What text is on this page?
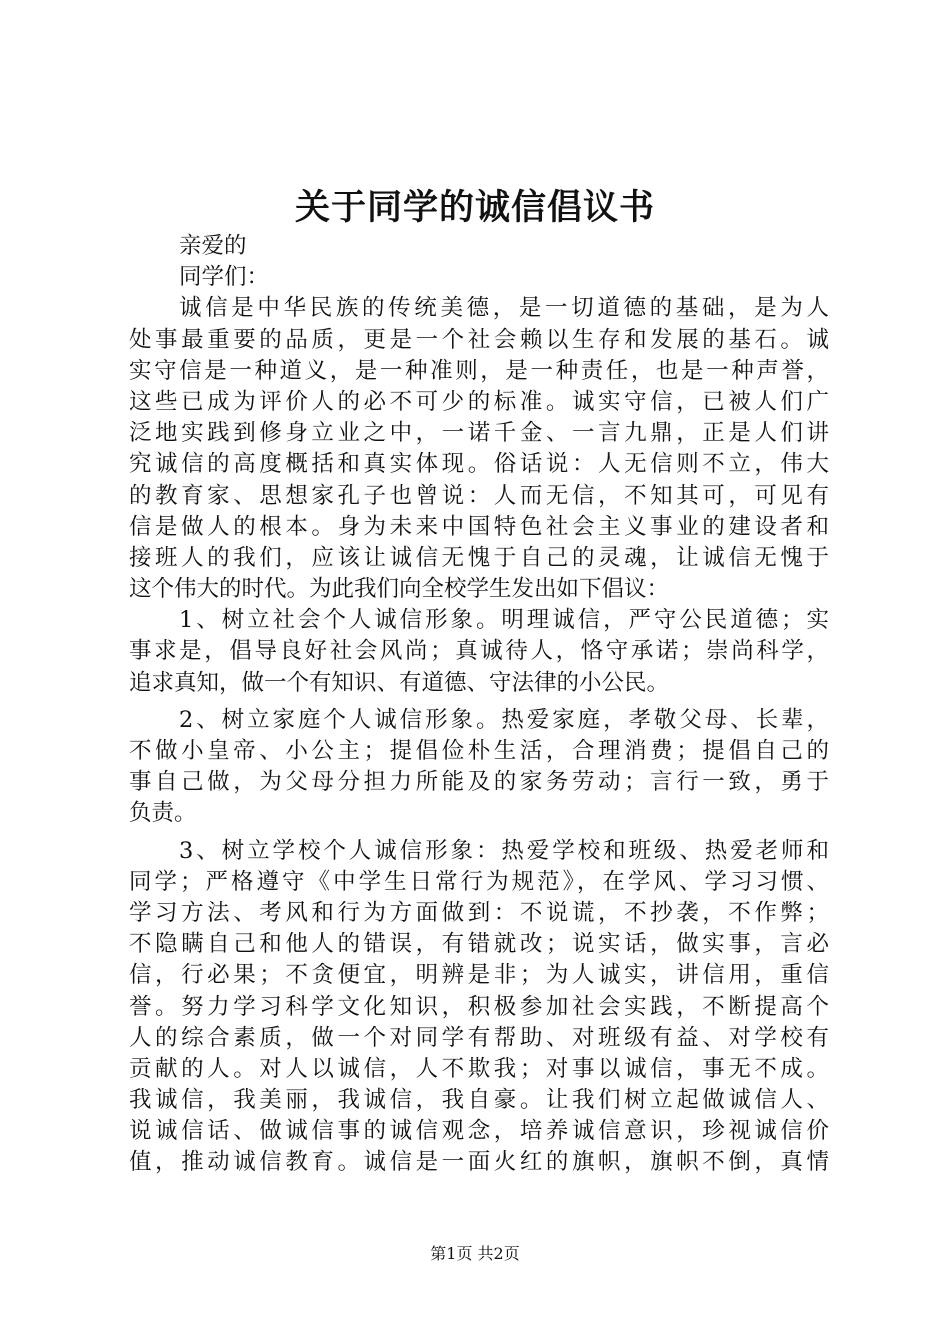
关于同学的诚信倡议书
亲爱的
同学们：
诚信是中华民族的传统美德，是一切道德的基础，是为人
处事最重要的品质，更是一个社会赖以生存和发展的基石。诚
实守信是一种道义，是一种准则，是一种责任，也是一种声誉，
这些已成为评价人的必不可少的标准。诚实守信，已被人们广
泛地实践到修身立业之中，一诺千金、一言九鼎，正是人们讲
究诚信的高度概括和真实体现。俗话说：人无信则不立，伟大
的教育家、思想家孔子也曾说：人而无信，不知其可，可见有
信是做人的根本。身为未来中国特色社会主义事业的建设者和
接班人的我们，应该让诚信无愧于自己的灵魂，让诚信无愧于
这个伟大的时代。为此我们向全校学生发出如下倡议：
1、树立社会个人诚信形象。明理诚信，严守公民道德；实
事求是，倡导良好社会风尚；真诚待人，恪守承诺；崇尚科学，
追求真知，做一个有知识、有道德、守法律的小公民。
2、树立家庭个人诚信形象。热爱家庭，孝敬父母、长辈，
不做小皇帝、小公主；提倡俭朴生活，合理消费；提倡自己的
事自己做，为父母分担力所能及的家务劳动；言行一致，勇于
负责。
3、树立学校个人诚信形象：热爱学校和班级、热爱老师和
同学；严格遵守《中学生日常行为规范》，在学风、学习习惯、
学习方法、考风和行为方面做到：不说谎，不抄袭，不作弊；
不隐瞒自己和他人的错误，有错就改；说实话，做实事，言必
信，行必果；不贪便宜，明辨是非；为人诚实，讲信用，重信
誉。努力学习科学文化知识，积极参加社会实践，不断提高个
人的综合素质，做一个对同学有帮助、对班级有益、对学校有
贡献的人。对人以诚信，人不欺我；对事以诚信，事无不成。
我诚信，我美丽，我诚信，我自豪。让我们树立起做诚信人、
说诚信话、做诚信事的诚信观念，培养诚信意识，珍视诚信价
值，推动诚信教育。诚信是一面火红的旗帜，旗帜不倒，真情
第1页 共2页
